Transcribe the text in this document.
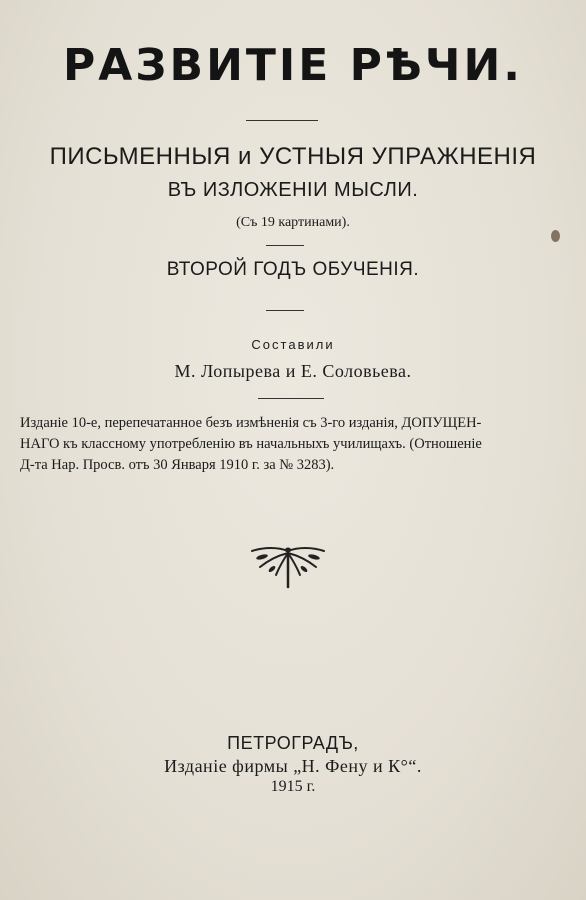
РАЗВИТІЕ РѢЧИ.
ПИСЬМЕННЫЯ и УСТНЫЯ УПРАЖНЕНІЯ
ВЪ ИЗЛОЖЕНІИ МЫСЛИ.
(Съ 19 картинами).
ВТОРОЙ ГОДЪ ОБУЧЕНІЯ.
Составили
М. Лопырева и Е. Соловьева.
Изданіе 10-е, перепечатанное безъ измѣненія съ 3-го изданія, ДОПУЩЕН-
НАГО къ классному употребленію въ начальныхъ училищахъ. (Отношеніе
Д-та Нар. Просв. отъ 30 Января 1910 г. за № 3283).
ПЕТРОГРАДЪ,
Изданіе фирмы „Н. Фену и К°“.
1915 г.
